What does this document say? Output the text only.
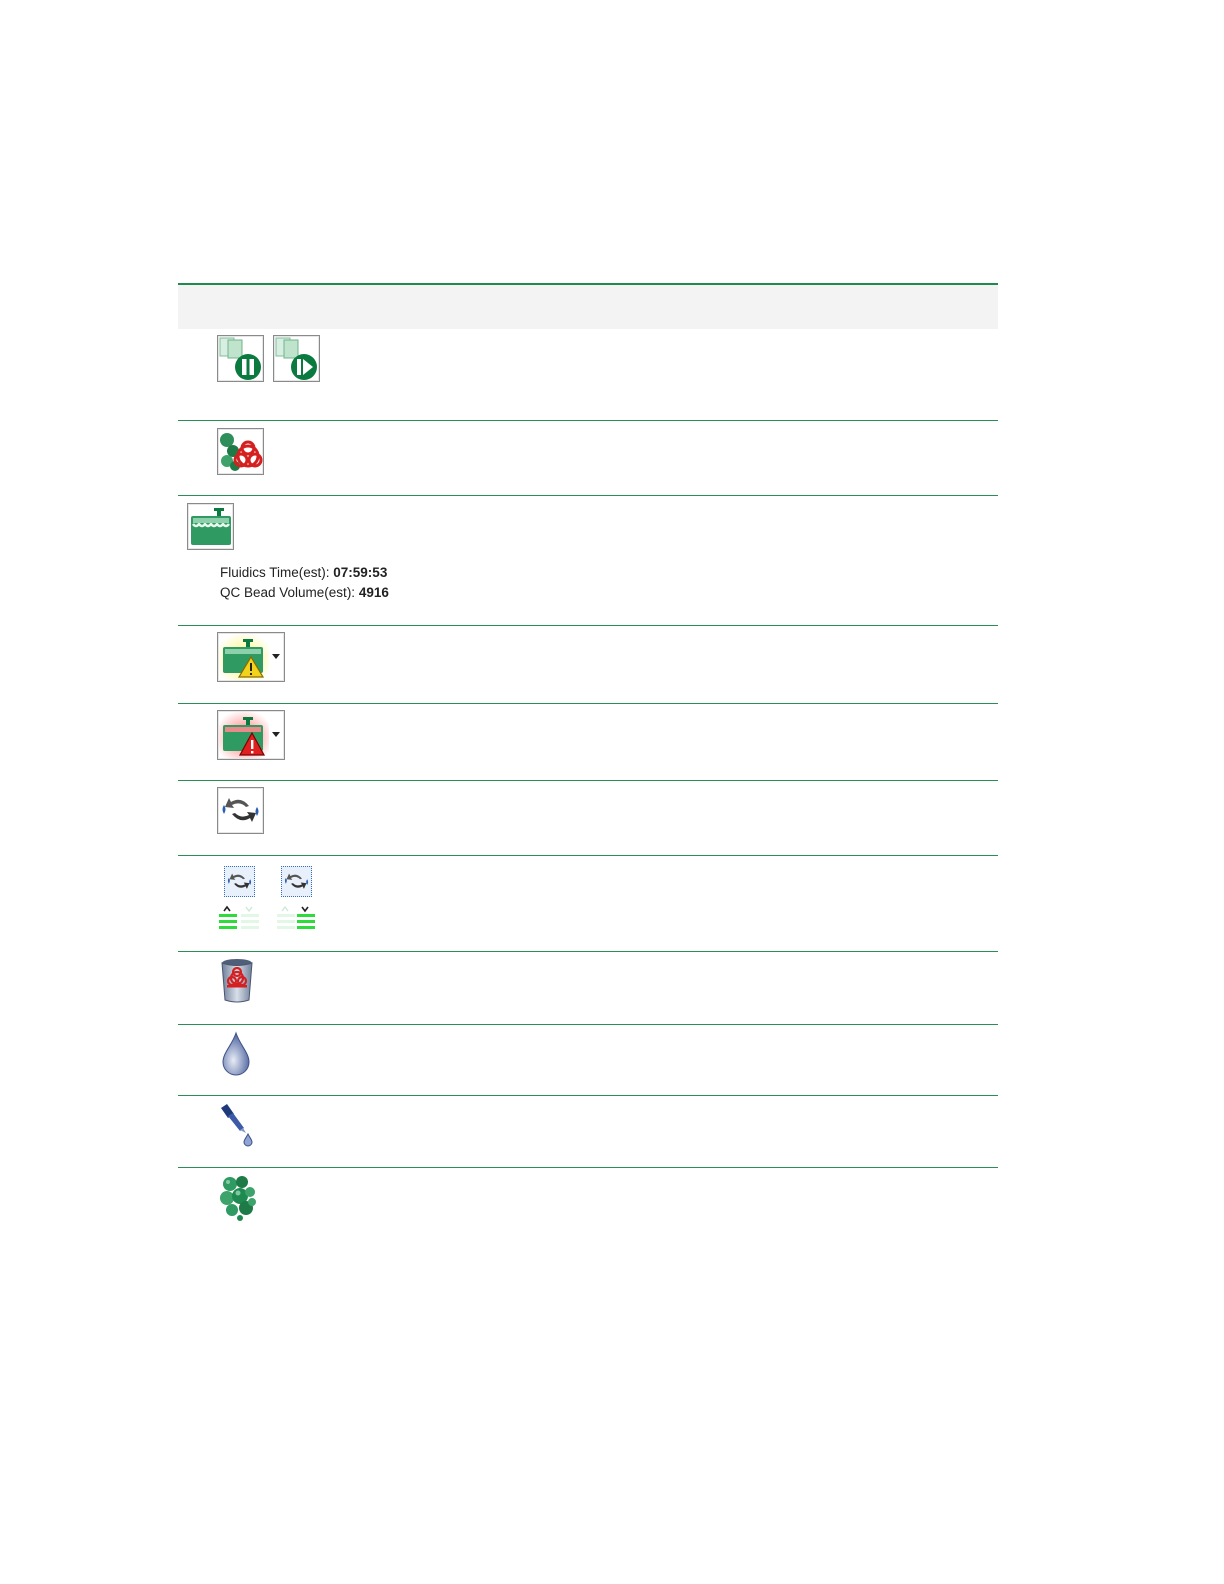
Fluidics Time(est): 07:59:53
QC Bead Volume(est): 4916
